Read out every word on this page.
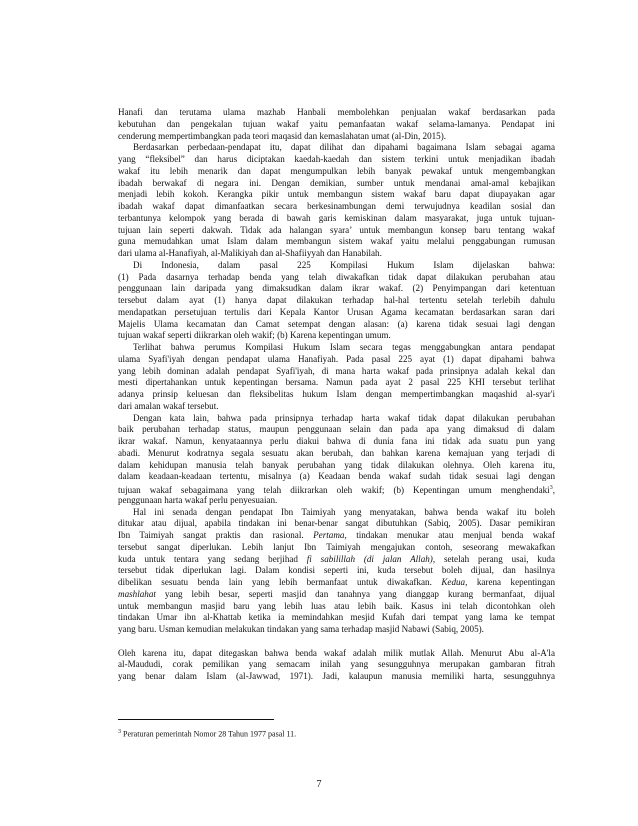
Hanafi dan terutama ulama mazhab Hanbali membolehkan penjualan wakaf berdasarkan pada
kebutuhan dan pengekalan tujuan wakaf yaitu pemanfaatan wakaf selama-lamanya. Pendapat ini
cenderung mempertimbangkan pada teori maqasid dan kemaslahatan umat (al-Din, 2015).
Berdasarkan perbedaan-pendapat itu, dapat dilihat dan dipahami bagaimana Islam sebagai agama
yang “fleksibel” dan harus diciptakan kaedah-kaedah dan sistem terkini untuk menjadikan ibadah
wakaf itu lebih menarik dan dapat mengumpulkan lebih banyak pewakaf untuk mengembangkan
ibadah berwakaf di negara ini. Dengan demikian, sumber untuk mendanai amal-amal kebajikan
menjadi lebih kokoh. Kerangka pikir untuk membangun sistem wakaf baru dapat diupayakan agar
ibadah wakaf dapat dimanfaatkan secara berkesinambungan demi terwujudnya keadilan sosial dan
terbantunya kelompok yang berada di bawah garis kemiskinan dalam masyarakat, juga untuk tujuan-
tujuan lain seperti dakwah. Tidak ada halangan syara’ untuk membangun konsep baru tentang wakaf
guna memudahkan umat Islam dalam membangun sistem wakaf yaitu melalui penggabungan rumusan
dari ulama al-Hanafiyah, al-Malikiyah dan al-Shafiiyyah dan Hanabilah.
Di Indonesia, dalam pasal 225 Kompilasi Hukum Islam dijelaskan bahwa:
(1) Pada dasarnya terhadap benda yang telah diwakafkan tidak dapat dilakukan perubahan atau
penggunaan lain daripada yang dimaksudkan dalam ikrar wakaf. (2) Penyimpangan dari ketentuan
tersebut dalam ayat (1) hanya dapat dilakukan terhadap hal-hal tertentu setelah terlebih dahulu
mendapatkan persetujuan tertulis dari Kepala Kantor Urusan Agama kecamatan berdasarkan saran dari
Majelis Ulama kecamatan dan Camat setempat dengan alasan: (a) karena tidak sesuai lagi dengan
tujuan wakaf seperti diikrarkan oleh wakif; (b) Karena kepentingan umum.
Terlihat bahwa perumus Kompilasi Hukum Islam secara tegas menggabungkan antara pendapat
ulama Syafi'iyah dengan pendapat ulama Hanafiyah. Pada pasal 225 ayat (1) dapat dipahami bahwa
yang lebih dominan adalah pendapat Syafi'iyah, di mana harta wakaf pada prinsipnya adalah kekal dan
mesti dipertahankan untuk kepentingan bersama. Namun pada ayat 2 pasal 225 KHI tersebut terlihat
adanya prinsip keluesan dan fleksibelitas hukum Islam dengan mempertimbangkan maqashid al-syar'i
dari amalan wakaf tersebut.
Dengan kata lain, bahwa pada prinsipnya terhadap harta wakaf tidak dapat dilakukan perubahan
baik perubahan terhadap status, maupun penggunaan selain dan pada apa yang dimaksud di dalam
ikrar wakaf. Namun, kenyataannya perlu diakui bahwa di dunia fana ini tidak ada suatu pun yang
abadi. Menurut kodratnya segala sesuatu akan berubah, dan bahkan karena kemajuan yang terjadi di
dalam kehidupan manusia telah banyak perubahan yang tidak dilakukan olehnya. Oleh karena itu,
dalam keadaan-keadaan tertentu, misalnya (a) Keadaan benda wakaf sudah tidak sesuai lagi dengan
tujuan wakaf sebagaimana yang telah diikrarkan oleh wakif; (b) Kepentingan umum menghendaki$^3$,
penggunaan harta wakaf perlu penyesuaian.
Hal ini senada dengan pendapat Ibn Taimiyah yang menyatakan, bahwa benda wakaf itu boleh
ditukar atau dijual, apabila tindakan ini benar-benar sangat dibutuhkan (Sabiq, 2005). Dasar pemikiran
Ibn Taimiyah sangat praktis dan rasional. Pertama, tindakan menukar atau menjual benda wakaf
tersebut sangat diperlukan. Lebih lanjut Ibn Taimiyah mengajukan contoh, seseorang mewakafkan
kuda untuk tentara yang sedang berjihad fi sabilillah (di jalan Allah), setelah perang usai, kuda
tersebut tidak diperlukan lagi. Dalam kondisi seperti ini, kuda tersebut boleh dijual, dan hasilnya
dibelikan sesuatu benda lain yang lebih bermanfaat untuk diwakafkan. Kedua, karena kepentingan
mashlahat yang lebih besar, seperti masjid dan tanahnya yang dianggap kurang bermanfaat, dijual
untuk membangun masjid baru yang lebih luas atau lebih baik. Kasus ini telah dicontohkan oleh
tindakan Umar ibn al-Khattab ketika ia memindahkan mesjid Kufah dari tempat yang lama ke tempat
yang baru. Usman kemudian melakukan tindakan yang sama terhadap masjid Nabawi (Sabiq, 2005).
Oleh karena itu, dapat ditegaskan bahwa benda wakaf adalah milik mutlak Allah. Menurut Abu al-A'la
al-Maududi, corak pemilikan yang semacam inilah yang sesungguhnya merupakan gambaran fitrah
yang benar dalam Islam (al-Jawwad, 1971). Jadi, kalaupun manusia memiliki harta, sesungguhnya
$^3$ Peraturan pemerintah Nomor 28 Tahun 1977 pasal 11.
7
